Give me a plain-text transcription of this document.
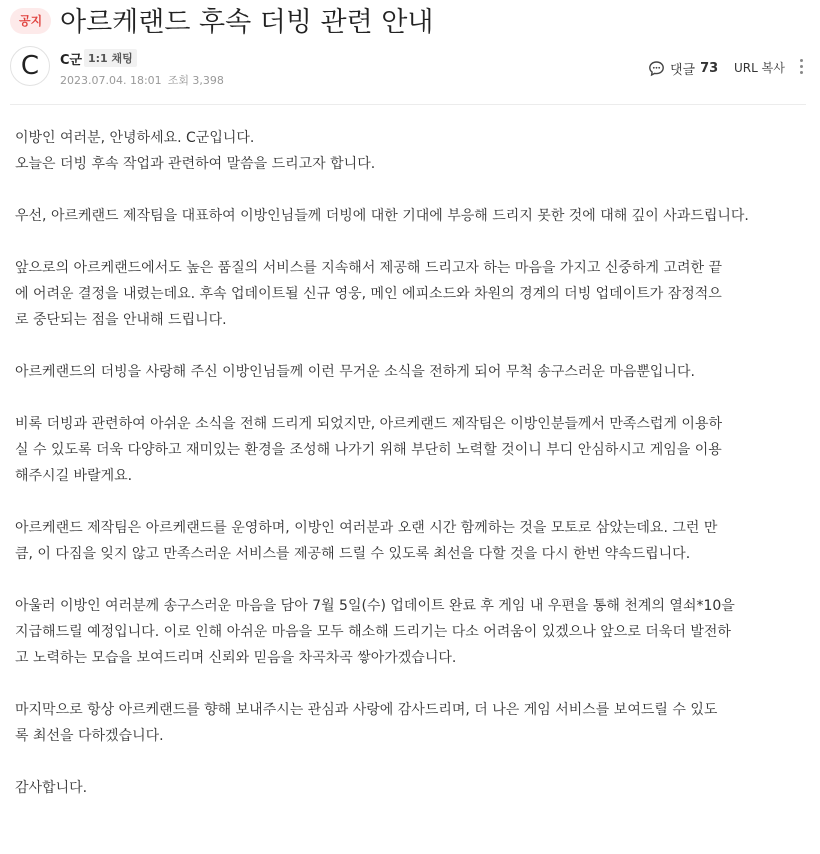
공지 아르케랜드 후속 더빙 관련 안내
C	C군 1:1 채팅
2023.07.04. 18:01 조회 3,398
댓글 73 URL 복사

이방인 여러분, 안녕하세요. C군입니다.
오늘은 더빙 후속 작업과 관련하여 말씀을 드리고자 합니다.

우선, 아르케랜드 제작팀을 대표하여 이방인님들께 더빙에 대한 기대에 부응해 드리지 못한 것에 대해 깊이 사과드립니다.

앞으로의 아르케랜드에서도 높은 품질의 서비스를 지속해서 제공해 드리고자 하는 마음을 가지고 신중하게 고려한 끝
에 어려운 결정을 내렸는데요. 후속 업데이트될 신규 영웅, 메인 에피소드와 차원의 경계의 더빙 업데이트가 잠정적으
로 중단되는 점을 안내해 드립니다.

아르케랜드의 더빙을 사랑해 주신 이방인님들께 이런 무거운 소식을 전하게 되어 무척 송구스러운 마음뿐입니다.

비록 더빙과 관련하여 아쉬운 소식을 전해 드리게 되었지만, 아르케랜드 제작팀은 이방인분들께서 만족스럽게 이용하
실 수 있도록 더욱 다양하고 재미있는 환경을 조성해 나가기 위해 부단히 노력할 것이니 부디 안심하시고 게임을 이용
해주시길 바랄게요.

아르케랜드 제작팀은 아르케랜드를 운영하며, 이방인 여러분과 오랜 시간 함께하는 것을 모토로 삼았는데요. 그런 만
큼, 이 다짐을 잊지 않고 만족스러운 서비스를 제공해 드릴 수 있도록 최선을 다할 것을 다시 한번 약속드립니다.

아울러 이방인 여러분께 송구스러운 마음을 담아 7월 5일(수) 업데이트 완료 후 게임 내 우편을 통해 천계의 열쇠*10을
지급해드릴 예정입니다. 이로 인해 아쉬운 마음을 모두 해소해 드리기는 다소 어려움이 있겠으나 앞으로 더욱더 발전하
고 노력하는 모습을 보여드리며 신뢰와 믿음을 차곡차곡 쌓아가겠습니다.

마지막으로 항상 아르케랜드를 향해 보내주시는 관심과 사랑에 감사드리며, 더 나은 게임 서비스를 보여드릴 수 있도
록 최선을 다하겠습니다.

감사합니다.
